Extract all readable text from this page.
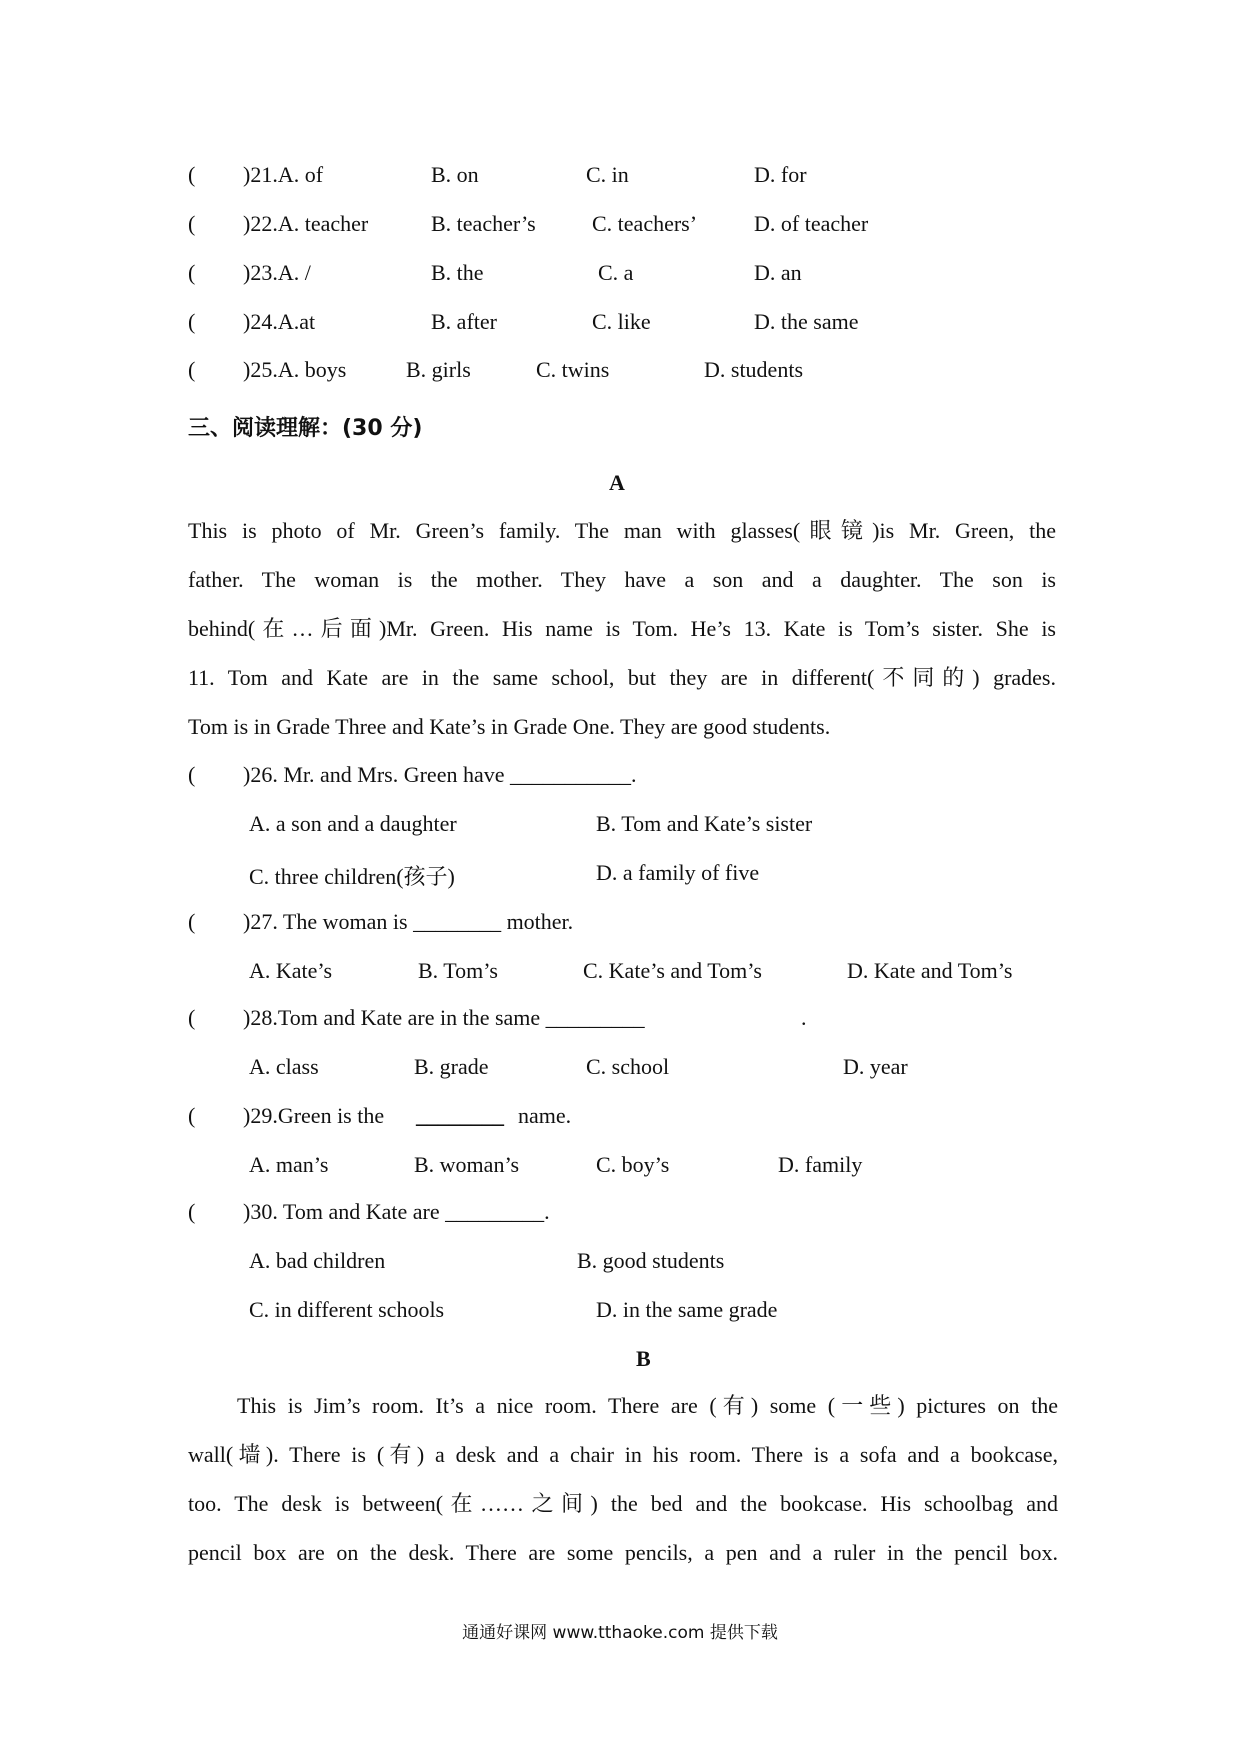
( )21.A. of	B. on	C. in	D. for
( )22.A. teacher	B. teacher’s	C. teachers’	D. of teacher
( )23.A. /	B. the	C. a	D. an
( )24.A.at	B. after	C. like	D. the same
( )25.A. boys	B. girls	C. twins	D. students
三、阅读理解：(30 分)
A
This is photo of Mr. Green’s family. The man with glasses(眼镜)is Mr. Green, the
father. The woman is the mother. They have a son and a daughter. The son is
behind(在…后面)Mr. Green. His name is Tom. He’s 13. Kate is Tom’s sister. She is
11. Tom and Kate are in the same school, but they are in different(不同的) grades.
Tom is in Grade Three and Kate’s in Grade One. They are good students.
( )26. Mr. and Mrs. Green have ___________.
A. a son and a daughter	B. Tom and Kate’s sister
C. three children(孩子)	D. a family of five
( )27. The woman is ________ mother.
A. Kate’s	B. Tom’s	C. Kate’s and Tom’s	D. Kate and Tom’s
( )28.Tom and Kate are in the same _________	.
A. class	B. grade	C. school	D. year
( )29.Green is the ________ name.
A. man’s	B. woman’s	C. boy’s	D. family
( )30. Tom and Kate are _________.
A. bad children	B. good students
C. in different schools	D. in the same grade
B
This is Jim’s room. It’s a nice room. There are (有) some (一些) pictures on the
wall(墙). There is (有) a desk and a chair in his room. There is a sofa and a bookcase,
too. The desk is between(在……之间) the bed and the bookcase. His schoolbag and
pencil box are on the desk. There are some pencils, a pen and a ruler in the pencil box.
通通好课网 www.tthaoke.com 提供下载
